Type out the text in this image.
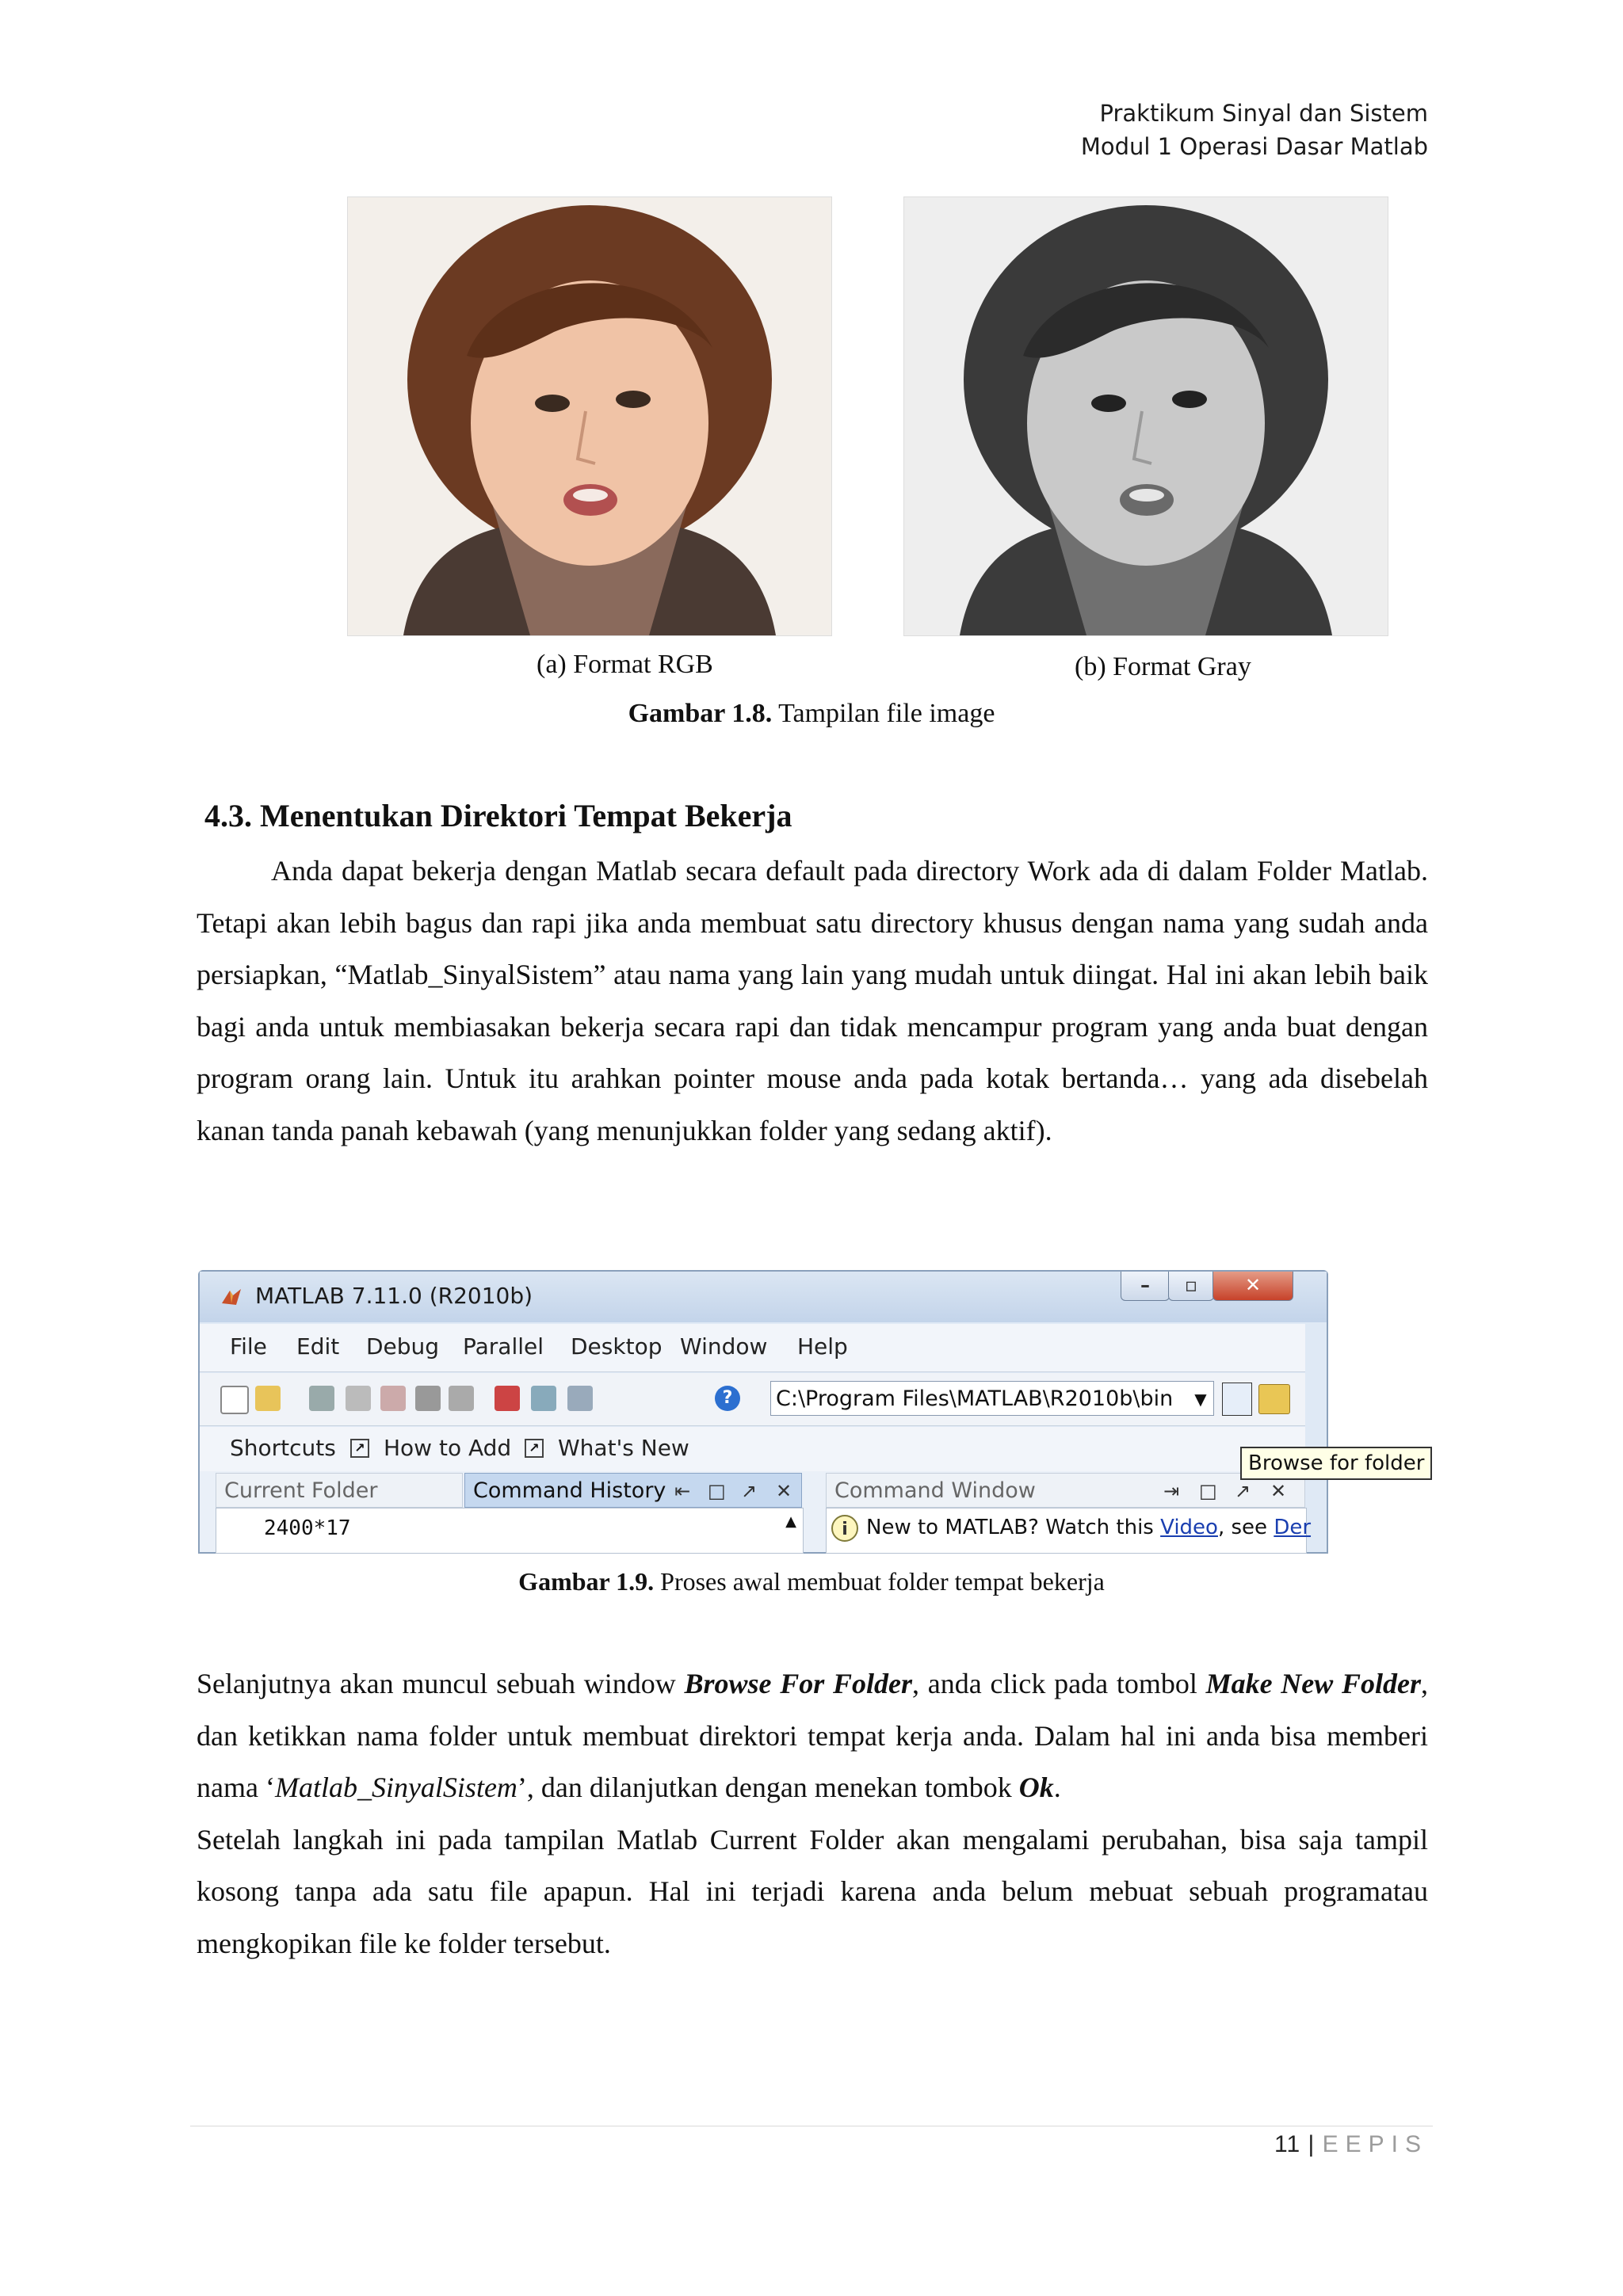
Praktikum Sinyal dan Sistem
Modul 1 Operasi Dasar Matlab
(a) Format RGB	(b) Format Gray
Gambar 1.8. Tampilan file image
4.3. Menentukan Direktori Tempat Bekerja

Anda dapat bekerja dengan Matlab secara default pada directory Work ada di dalam Folder Matlab. Tetapi akan lebih bagus dan rapi jika anda membuat satu directory khusus dengan nama yang sudah anda persiapkan, “Matlab_SinyalSistem” atau nama yang lain yang mudah untuk diingat. Hal ini akan lebih baik bagi anda untuk membiasakan bekerja secara rapi dan tidak mencampur program yang anda buat dengan program orang lain. Untuk itu arahkan pointer mouse anda pada kotak bertanda… yang ada disebelah kanan tanda panah kebawah (yang menunjukkan folder yang sedang aktif).

MATLAB 7.11.0 (R2010b)	–	▫	✕
File Edit Debug Parallel Desktop Window Help
?	C:\Program Files\MATLAB\R2010b\bin	▼
Shortcuts	↗ How to Add	↗ What's New
Current Folder	Command History ⇤ □ ↗ ✕	Command Window	⇥ □ ↗ ✕
2400*17	▲	i New to MATLAB? Watch this Video, see Der
Browse for folder
Gambar 1.9. Proses awal membuat folder tempat bekerja

Selanjutnya akan muncul sebuah window Browse For Folder, anda click pada tombol Make New Folder, dan ketikkan nama folder untuk membuat direktori tempat kerja anda. Dalam hal ini anda bisa memberi nama ‘Matlab_SinyalSistem’, dan dilanjutkan dengan menekan tombok Ok.

Setelah langkah ini pada tampilan Matlab Current Folder akan mengalami perubahan, bisa saja tampil kosong tanpa ada satu file apapun. Hal ini terjadi karena anda belum mebuat sebuah programatau mengkopikan file ke folder tersebut.

11 | EEPIS
